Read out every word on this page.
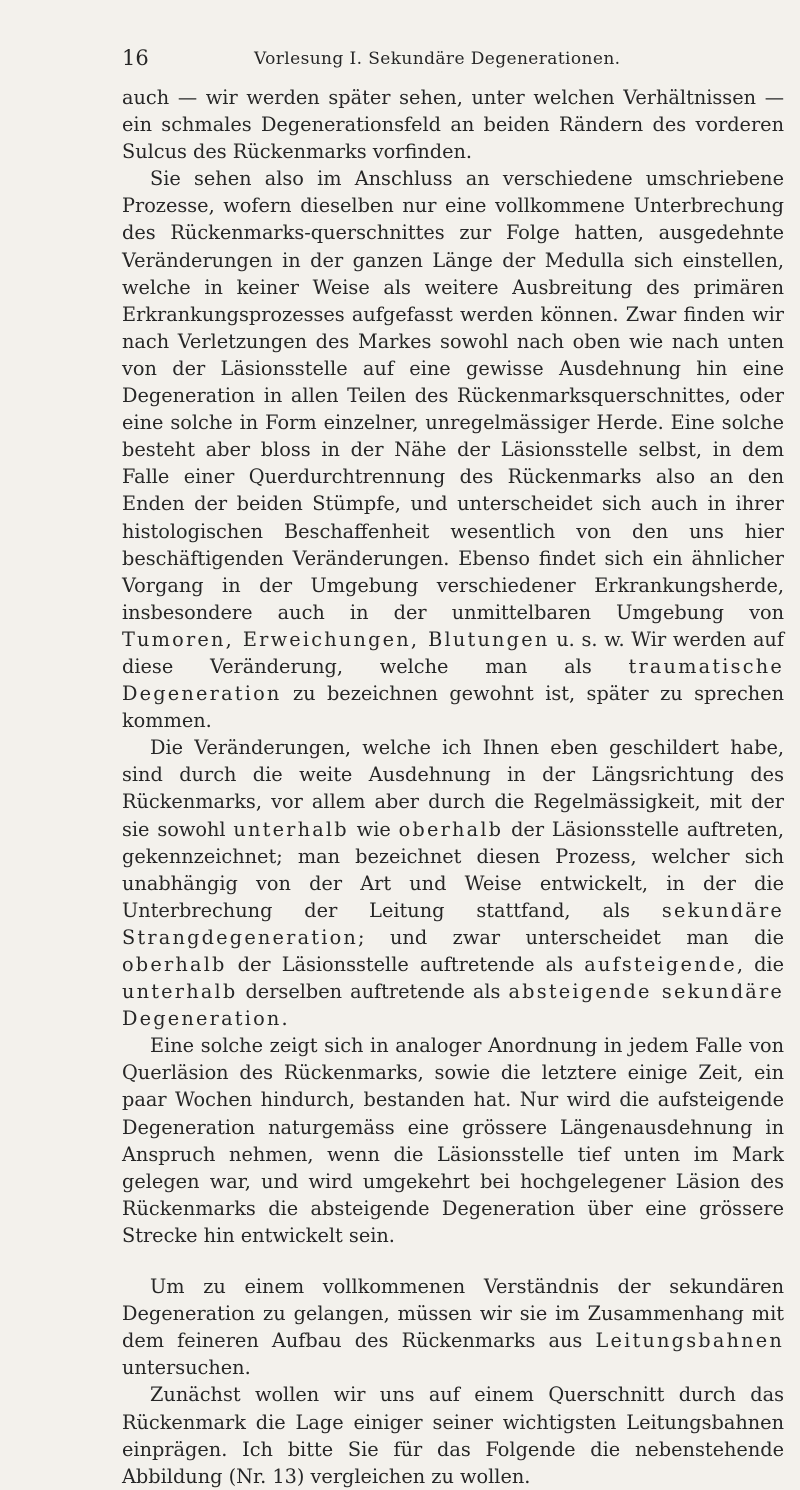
16	Vorlesung I. Sekundäre Degenerationen.

auch — wir werden später sehen, unter welchen Verhältnissen — ein schmales Degenerationsfeld an beiden Rändern des vorderen Sulcus des Rückenmarks vorfinden.

Sie sehen also im Anschluss an verschiedene umschriebene Prozesse, wofern dieselben nur eine vollkommene Unterbrechung des Rückenmarks-querschnittes zur Folge hatten, ausgedehnte Veränderungen in der ganzen Länge der Medulla sich einstellen, welche in keiner Weise als weitere Ausbreitung des primären Erkrankungsprozesses aufgefasst werden können. Zwar finden wir nach Verletzungen des Markes sowohl nach oben wie nach unten von der Läsionsstelle auf eine gewisse Ausdehnung hin eine Degeneration in allen Teilen des Rückenmarksquerschnittes, oder eine solche in Form einzelner, unregelmässiger Herde. Eine solche besteht aber bloss in der Nähe der Läsionsstelle selbst, in dem Falle einer Querdurchtrennung des Rückenmarks also an den Enden der beiden Stümpfe, und unterscheidet sich auch in ihrer histologischen Beschaffenheit wesentlich von den uns hier beschäftigenden Veränderungen. Ebenso findet sich ein ähnlicher Vorgang in der Umgebung verschiedener Erkrankungsherde, insbesondere auch in der unmittelbaren Umgebung von Tumoren, Erweichungen, Blutungen u. s. w. Wir werden auf diese Veränderung, welche man als traumatische Degeneration zu bezeichnen gewohnt ist, später zu sprechen kommen.

Die Veränderungen, welche ich Ihnen eben geschildert habe, sind durch die weite Ausdehnung in der Längsrichtung des Rückenmarks, vor allem aber durch die Regelmässigkeit, mit der sie sowohl unterhalb wie oberhalb der Läsionsstelle auftreten, gekennzeichnet; man bezeichnet diesen Prozess, welcher sich unabhängig von der Art und Weise entwickelt, in der die Unterbrechung der Leitung stattfand, als sekundäre Strangdegeneration; und zwar unterscheidet man die oberhalb der Läsionsstelle auftretende als aufsteigende, die unterhalb derselben auftretende als absteigende sekundäre Degeneration.

Eine solche zeigt sich in analoger Anordnung in jedem Falle von Querläsion des Rückenmarks, sowie die letztere einige Zeit, ein paar Wochen hindurch, bestanden hat. Nur wird die aufsteigende Degeneration naturgemäss eine grössere Längenausdehnung in Anspruch nehmen, wenn die Läsionsstelle tief unten im Mark gelegen war, und wird umgekehrt bei hochgelegener Läsion des Rückenmarks die absteigende Degeneration über eine grössere Strecke hin entwickelt sein.

Um zu einem vollkommenen Verständnis der sekundären Degeneration zu gelangen, müssen wir sie im Zusammenhang mit dem feineren Aufbau des Rückenmarks aus Leitungsbahnen untersuchen.

Zunächst wollen wir uns auf einem Querschnitt durch das Rückenmark die Lage einiger seiner wichtigsten Leitungsbahnen einprägen. Ich bitte Sie für das Folgende die nebenstehende Abbildung (Nr. 13) vergleichen zu wollen.
